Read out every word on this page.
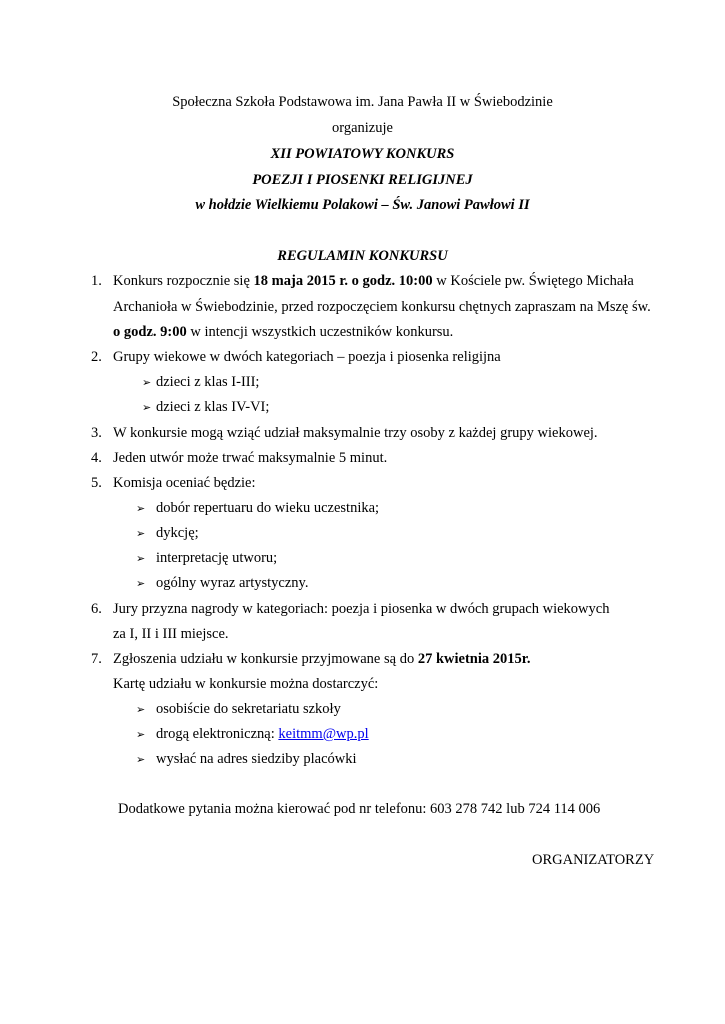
Społeczna Szkoła Podstawowa im. Jana Pawła II w Świebodzinie
organizuje
XII POWIATOWY KONKURS
POEZJI I PIOSENKI RELIGIJNEJ
w hołdzie Wielkiemu Polakowi – Św. Janowi Pawłowi II
REGULAMIN KONKURSU
1. Konkurs rozpocznie się 18 maja 2015 r. o godz. 10:00 w Kościele pw. Świętego Michała
Archanioła w Świebodzinie, przed rozpoczęciem konkursu chętnych zapraszam na Mszę św.
o godz. 9:00 w intencji wszystkich uczestników konkursu.
2. Grupy wiekowe w dwóch kategoriach – poezja i piosenka religijna
➢ dzieci z klas I-III;
➢ dzieci z klas IV-VI;
3. W konkursie mogą wziąć udział maksymalnie trzy osoby z każdej grupy wiekowej.
4. Jeden utwór może trwać maksymalnie 5 minut.
5. Komisja oceniać będzie:
➢ dobór repertuaru do wieku uczestnika;
➢ dykcję;
➢ interpretację utworu;
➢ ogólny wyraz artystyczny.
6. Jury przyzna nagrody w kategoriach: poezja i piosenka w dwóch grupach wiekowych
za I, II i III miejsce.
7. Zgłoszenia udziału w konkursie przyjmowane są do 27 kwietnia 2015r.
Kartę udziału w konkursie można dostarczyć:
➢ osobiście do sekretariatu szkoły
➢ drogą elektroniczną: keitmm@wp.pl
➢ wysłać na adres siedziby placówki
Dodatkowe pytania można kierować pod nr telefonu: 603 278 742 lub 724 114 006
ORGANIZATORZY
